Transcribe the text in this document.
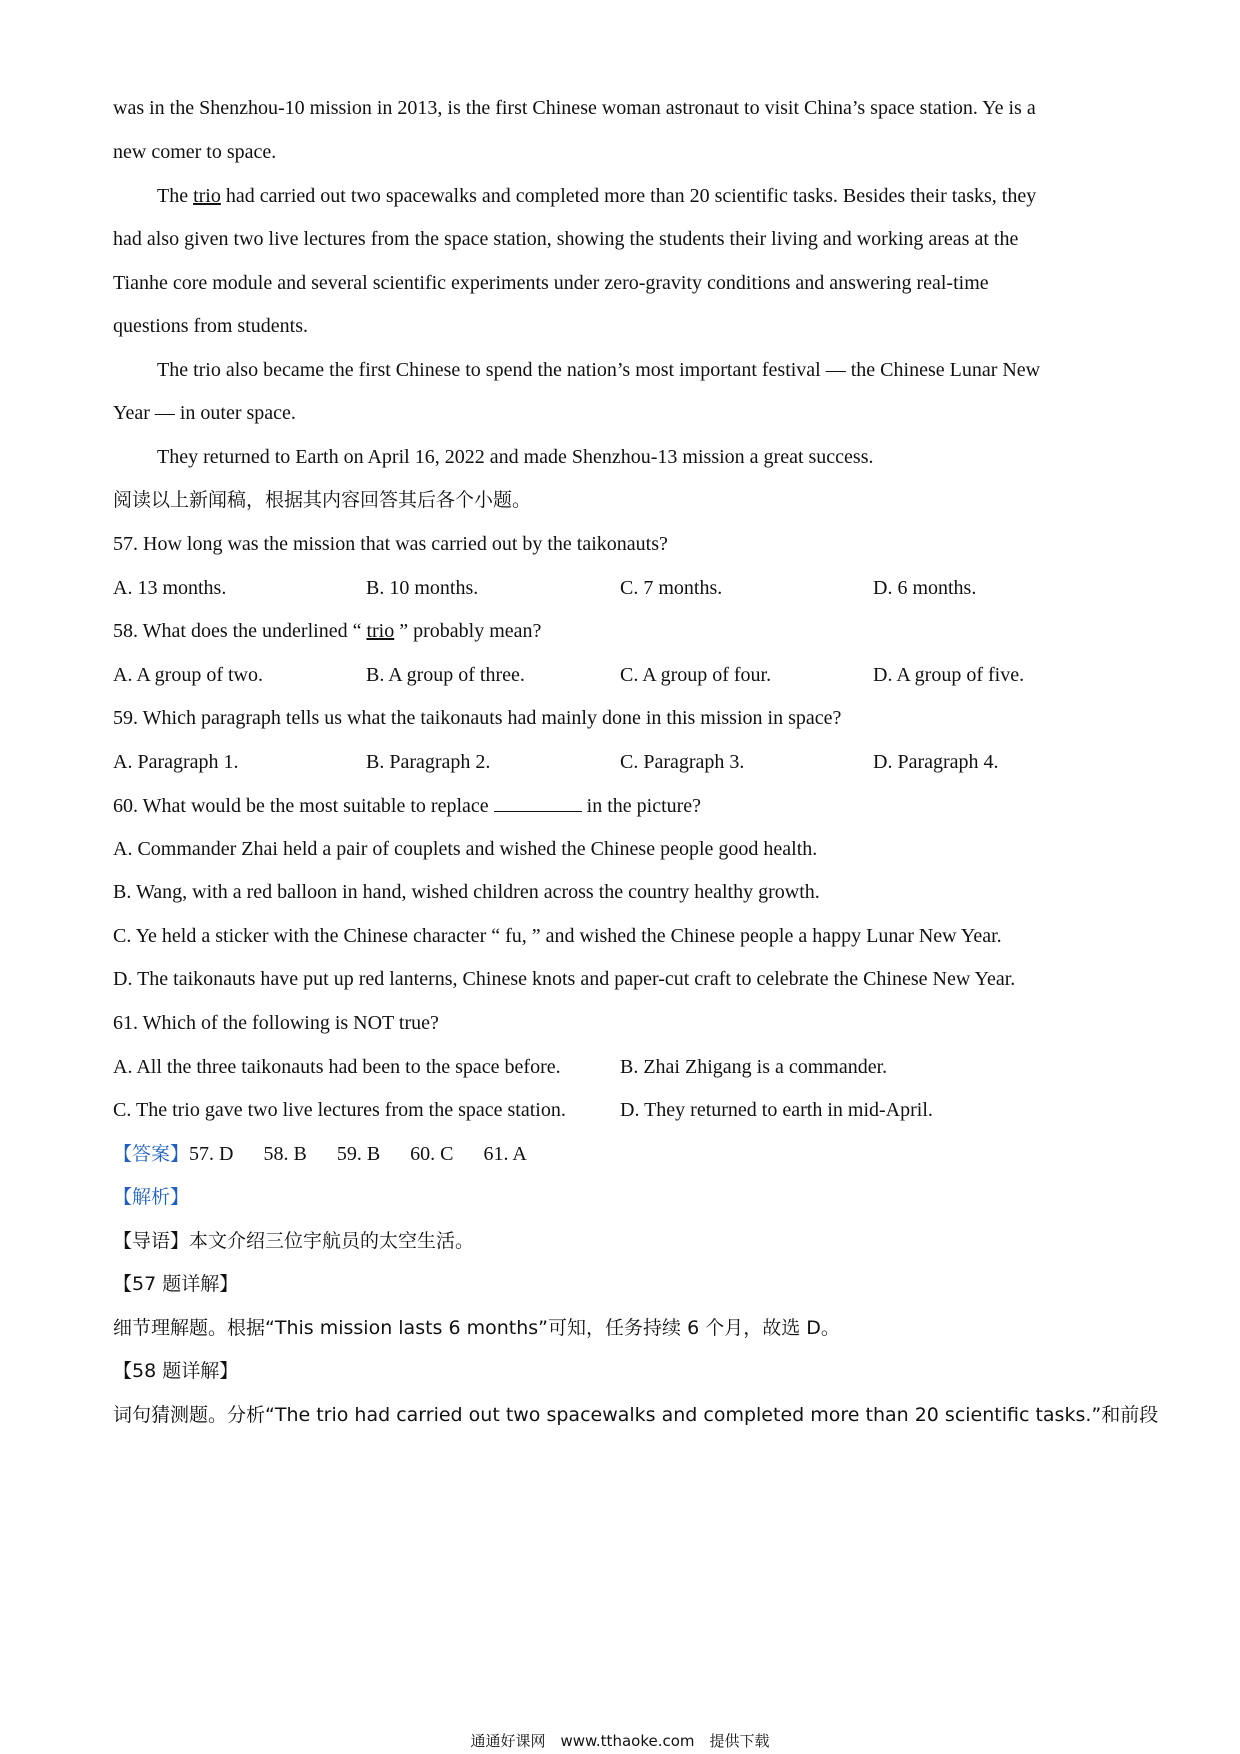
was in the Shenzhou-10 mission in 2013, is the first Chinese woman astronaut to visit China’s space station. Ye is a
new comer to space.
The trio had carried out two spacewalks and completed more than 20 scientific tasks. Besides their tasks, they
had also given two live lectures from the space station, showing the students their living and working areas at the
Tianhe core module and several scientific experiments under zero-gravity conditions and answering real-time
questions from students.
The trio also became the first Chinese to spend the nation’s most important festival — the Chinese Lunar New
Year — in outer space.
They returned to Earth on April 16, 2022 and made Shenzhou-13 mission a great success.
阅读以上新闻稿，根据其内容回答其后各个小题。
57. How long was the mission that was carried out by the taikonauts?
A. 13 months.	B. 10 months.	C. 7 months.	D. 6 months.
58. What does the underlined “ trio ” probably mean?
A. A group of two.	B. A group of three.	C. A group of four.	D. A group of five.
59. Which paragraph tells us what the taikonauts had mainly done in this mission in space?
A. Paragraph 1.	B. Paragraph 2.	C. Paragraph 3.	D. Paragraph 4.
60. What would be the most suitable to replace	in the picture?
A. Commander Zhai held a pair of couplets and wished the Chinese people good health.
B. Wang, with a red balloon in hand, wished children across the country healthy growth.
C. Ye held a sticker with the Chinese character “ fu, ” and wished the Chinese people a happy Lunar New Year.
D. The taikonauts have put up red lanterns, Chinese knots and paper-cut craft to celebrate the Chinese New Year.
61. Which of the following is NOT true?
A. All the three taikonauts had been to the space before.	B. Zhai Zhigang is a commander.
C. The trio gave two live lectures from the space station.	D. They returned to earth in mid-April.
【答案】57. D 58. B 59. B 60. C 61. A
【解析】
【导语】本文介绍三位宇航员的太空生活。
【57 题详解】
细节理解题。根据“This mission lasts 6 months”可知，任务持续 6 个月，故选 D。
【58 题详解】
词句猜测题。分析“The trio had carried out two spacewalks and completed more than 20 scientific tasks.”和前段
通通好课网　www.tthaoke.com　提供下载
